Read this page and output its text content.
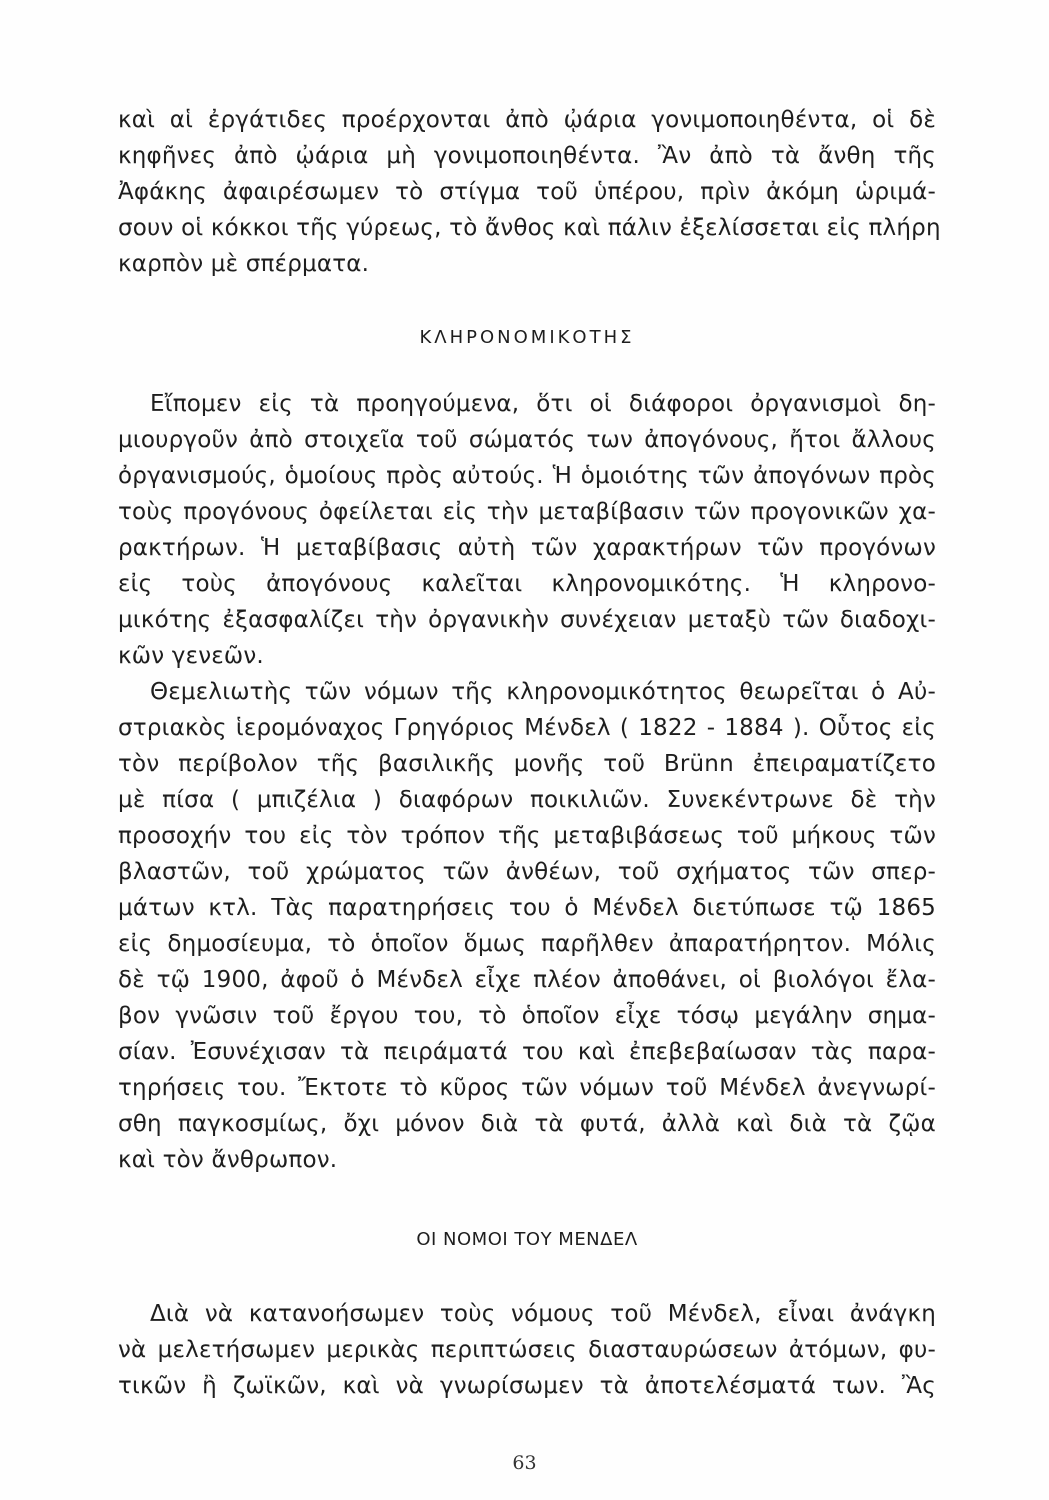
καὶ αἱ ἐργάτιδες προέρχονται ἀπὸ ᾠάρια γονιμοποιηθέντα, οἱ δὲ
κηφῆνες ἀπὸ ᾠάρια μὴ γονιμοποιηθέντα. Ἂν ἀπὸ τὰ ἄνθη τῆς
Ἀφάκης ἀφαιρέσωμεν τὸ στίγμα τοῦ ὑπέρου, πρὶν ἀκόμη ὡριμά-
σουν οἱ κόκκοι τῆς γύρεως, τὸ ἄνθος καὶ πάλιν ἐξελίσσεται εἰς πλήρη
καρπὸν μὲ σπέρματα.
ΚΛΗΡΟΝΟΜΙΚΟΤΗΣ
Εἴπομεν εἰς τὰ προηγούμενα, ὅτι οἱ διάφοροι ὀργανισμοὶ δη-
μιουργοῦν ἀπὸ στοιχεῖα τοῦ σώματός των ἀπογόνους, ἤτοι ἄλλους
ὀργανισμούς, ὁμοίους πρὸς αὐτούς. Ἡ ὁμοιότης τῶν ἀπογόνων πρὸς
τοὺς προγόνους ὀφείλεται εἰς τὴν μεταβίβασιν τῶν προγονικῶν χα-
ρακτήρων. Ἡ μεταβίβασις αὐτὴ τῶν χαρακτήρων τῶν προγόνων
εἰς τοὺς ἀπογόνους καλεῖται κληρονομικότης. Ἡ κληρονο-
μικότης ἐξασφαλίζει τὴν ὀργανικὴν συνέχειαν μεταξὺ τῶν διαδοχι-
κῶν γενεῶν.
Θεμελιωτὴς τῶν νόμων τῆς κληρονομικότητος θεωρεῖται ὁ Αὐ-
στριακὸς ἱερομόναχος Γρηγόριος Μένδελ ( 1822 - 1884 ). Οὗτος εἰς
τὸν περίβολον τῆς βασιλικῆς μονῆς τοῦ Brünn ἐπειραματίζετο
μὲ πίσα ( μπιζέλια ) διαφόρων ποικιλιῶν. Συνεκέντρωνε δὲ τὴν
προσοχήν του εἰς τὸν τρόπον τῆς μεταβιβάσεως τοῦ μήκους τῶν
βλαστῶν, τοῦ χρώματος τῶν ἀνθέων, τοῦ σχήματος τῶν σπερ-
μάτων κτλ. Τὰς παρατηρήσεις του ὁ Μένδελ διετύπωσε τῷ 1865
εἰς δημοσίευμα, τὸ ὁποῖον ὅμως παρῆλθεν ἀπαρατήρητον. Μόλις
δὲ τῷ 1900, ἀφοῦ ὁ Μένδελ εἶχε πλέον ἀποθάνει, οἱ βιολόγοι ἔλα-
βον γνῶσιν τοῦ ἔργου του, τὸ ὁποῖον εἶχε τόσῳ μεγάλην σημα-
σίαν. Ἐσυνέχισαν τὰ πειράματά του καὶ ἐπεβεβαίωσαν τὰς παρα-
τηρήσεις του. Ἔκτοτε τὸ κῦρος τῶν νόμων τοῦ Μένδελ ἀνεγνωρί-
σθη παγκοσμίως, ὄχι μόνον διὰ τὰ φυτά, ἀλλὰ καὶ διὰ τὰ ζῷα
καὶ τὸν ἄνθρωπον.
ΟΙ ΝΟΜΟΙ ΤΟΥ ΜΕΝΔΕΛ
Διὰ νὰ κατανοήσωμεν τοὺς νόμους τοῦ Μένδελ, εἶναι ἀνάγκη
νὰ μελετήσωμεν μερικὰς περιπτώσεις διασταυρώσεων ἀτόμων, φυ-
τικῶν ἢ ζωϊκῶν, καὶ νὰ γνωρίσωμεν τὰ ἀποτελέσματά των. Ἂς
63
